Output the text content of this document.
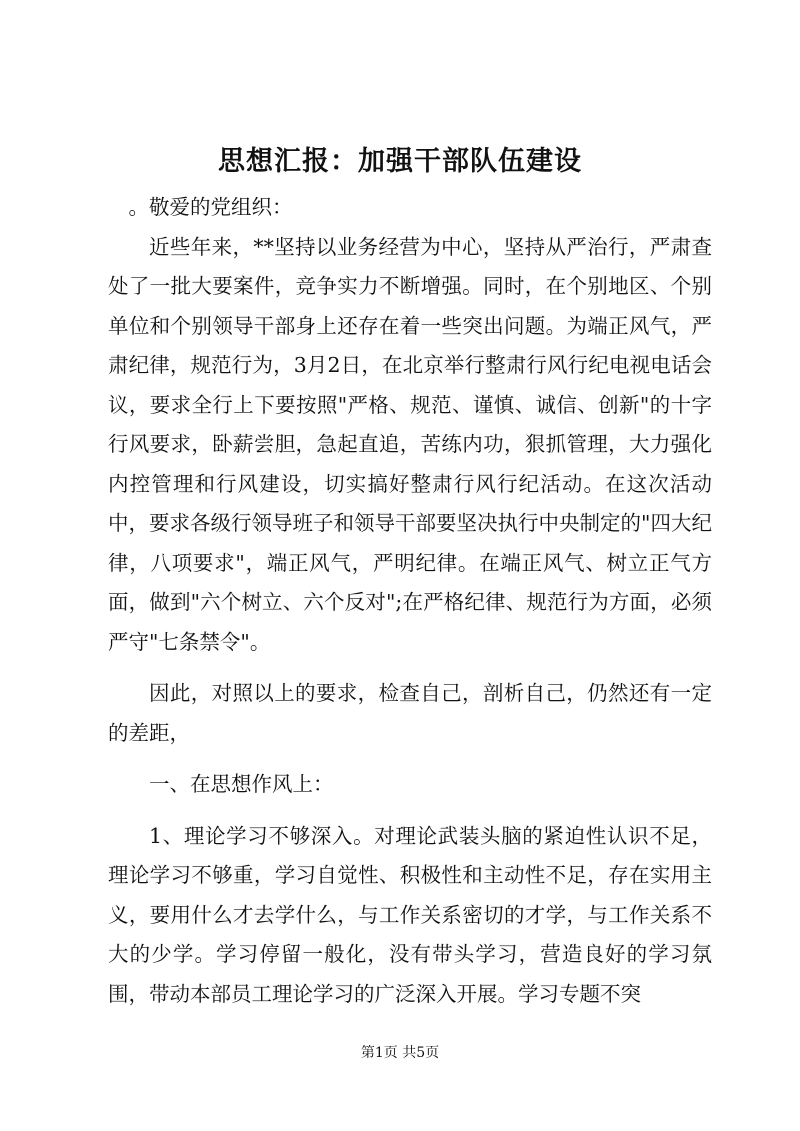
思想汇报：加强干部队伍建设

。敬爱的党组织：

近些年来，**坚持以业务经营为中心，坚持从严治行，严肃查处了一批大要案件，竞争实力不断增强。同时，在个别地区、个别单位和个别领导干部身上还存在着一些突出问题。为端正风气，严肃纪律，规范行为，3月2日，在北京举行整肃行风行纪电视电话会议，要求全行上下要按照"严格、规范、谨慎、诚信、创新"的十字行风要求，卧薪尝胆，急起直追，苦练内功，狠抓管理，大力强化内控管理和行风建设，切实搞好整肃行风行纪活动。在这次活动中，要求各级行领导班子和领导干部要坚决执行中央制定的"四大纪律，八项要求"，端正风气，严明纪律。在端正风气、树立正气方面，做到"六个树立、六个反对";在严格纪律、规范行为方面，必须严守"七条禁令"。

因此，对照以上的要求，检查自己，剖析自己，仍然还有一定的差距，

一、在思想作风上：

1、理论学习不够深入。对理论武装头脑的紧迫性认识不足，理论学习不够重，学习自觉性、积极性和主动性不足，存在实用主义，要用什么才去学什么，与工作关系密切的才学，与工作关系不大的少学。学习停留一般化，没有带头学习，营造良好的学习氛围，带动本部员工理论学习的广泛深入开展。学习专题不突

第1页 共5页
